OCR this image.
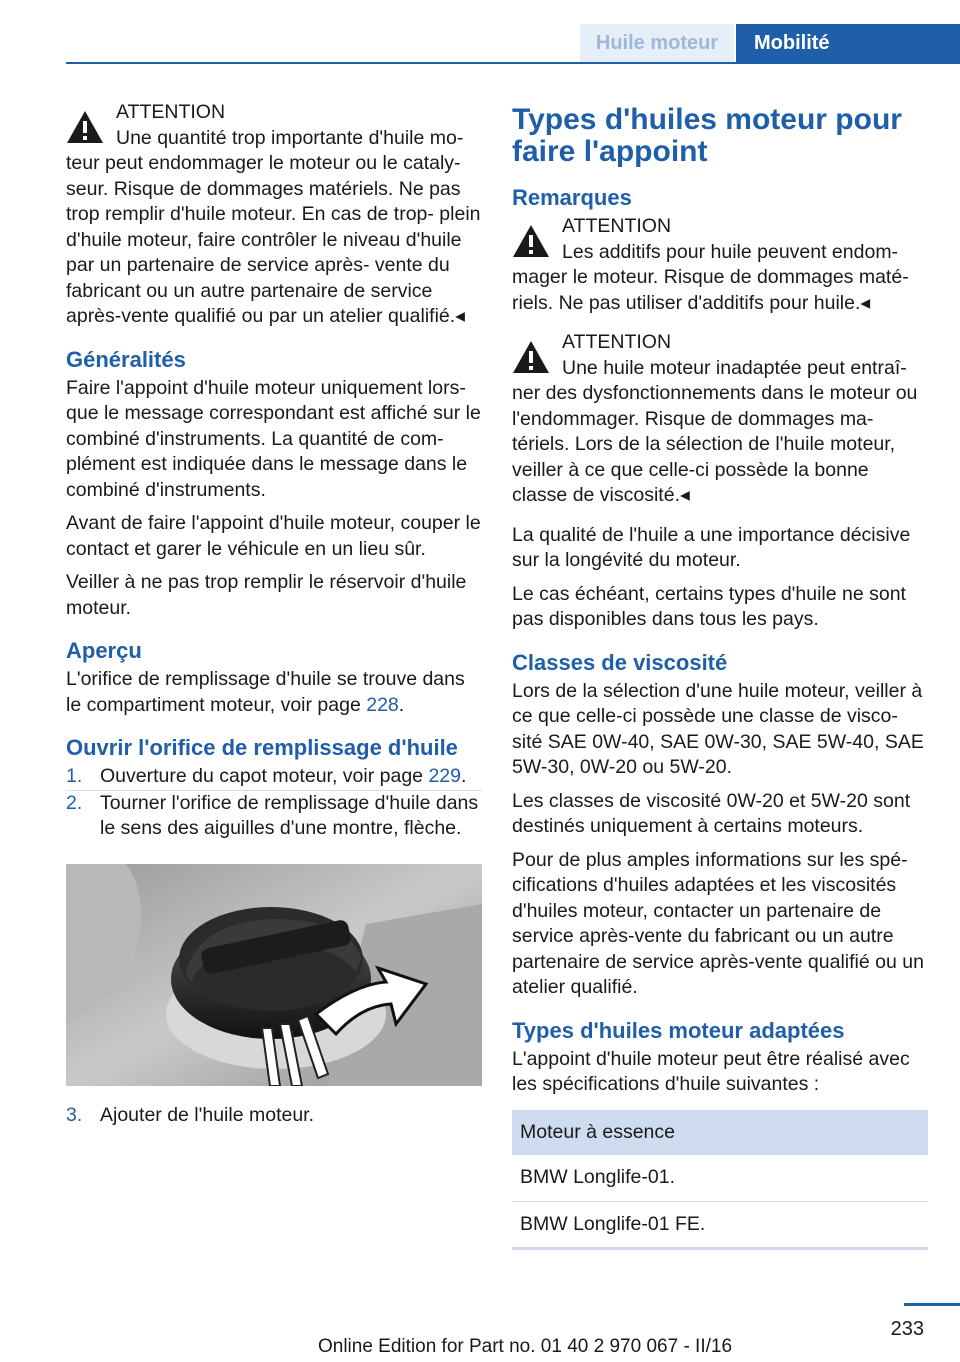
Huile moteur	Mobilité
ATTENTION
Une quantité trop importante d'huile mo-
teur peut endommager le moteur ou le cataly- seur. Risque de dommages matériels. Ne pas trop remplir d'huile moteur. En cas de trop- plein d'huile moteur, faire contrôler le niveau d'huile par un partenaire de service après- vente du fabricant ou un autre partenaire de service après-vente qualifié ou par un atelier qualifié.◂
Généralités

Faire l'appoint d'huile moteur uniquement lors- que le message correspondant est affiché sur le combiné d'instruments. La quantité de com- plément est indiquée dans le message dans le combiné d'instruments.

Avant de faire l'appoint d'huile moteur, couper le contact et garer le véhicule en un lieu sûr.

Veiller à ne pas trop remplir le réservoir d'huile moteur.

Aperçu

L'orifice de remplissage d'huile se trouve dans le compartiment moteur, voir page 228.

Ouvrir l'orifice de remplissage d'huile
1. Ouverture du capot moteur, voir page 229.
2. Tourner l'orifice de remplissage d'huile dans le sens des aiguilles d'une montre, flèche.
3. Ajouter de l'huile moteur.
Types d'huiles moteur pour faire l'appoint
Remarques
ATTENTION
Les additifs pour huile peuvent endom-
mager le moteur. Risque de dommages maté- riels. Ne pas utiliser d'additifs pour huile.◂
ATTENTION
Une huile moteur inadaptée peut entraî-
ner des dysfonctionnements dans le moteur ou l'endommager. Risque de dommages ma- tériels. Lors de la sélection de l'huile moteur, veiller à ce que celle-ci possède la bonne classe de viscosité.◂

La qualité de l'huile a une importance décisive sur la longévité du moteur.

Le cas échéant, certains types d'huile ne sont pas disponibles dans tous les pays.

Classes de viscosité

Lors de la sélection d'une huile moteur, veiller à ce que celle-ci possède une classe de visco- sité SAE 0W-40, SAE 0W-30, SAE 5W-40, SAE 5W-30, 0W-20 ou 5W-20.

Les classes de viscosité 0W-20 et 5W-20 sont destinés uniquement à certains moteurs.

Pour de plus amples informations sur les spé- cifications d'huiles adaptées et les viscosités d'huiles moteur, contacter un partenaire de service après-vente du fabricant ou un autre partenaire de service après-vente qualifié ou un atelier qualifié.

Types d'huiles moteur adaptées

L'appoint d'huile moteur peut être réalisé avec les spécifications d'huile suivantes :

Moteur à essence
BMW Longlife-01.
BMW Longlife-01 FE.
233
Online Edition for Part no. 01 40 2 970 067 - II/16
